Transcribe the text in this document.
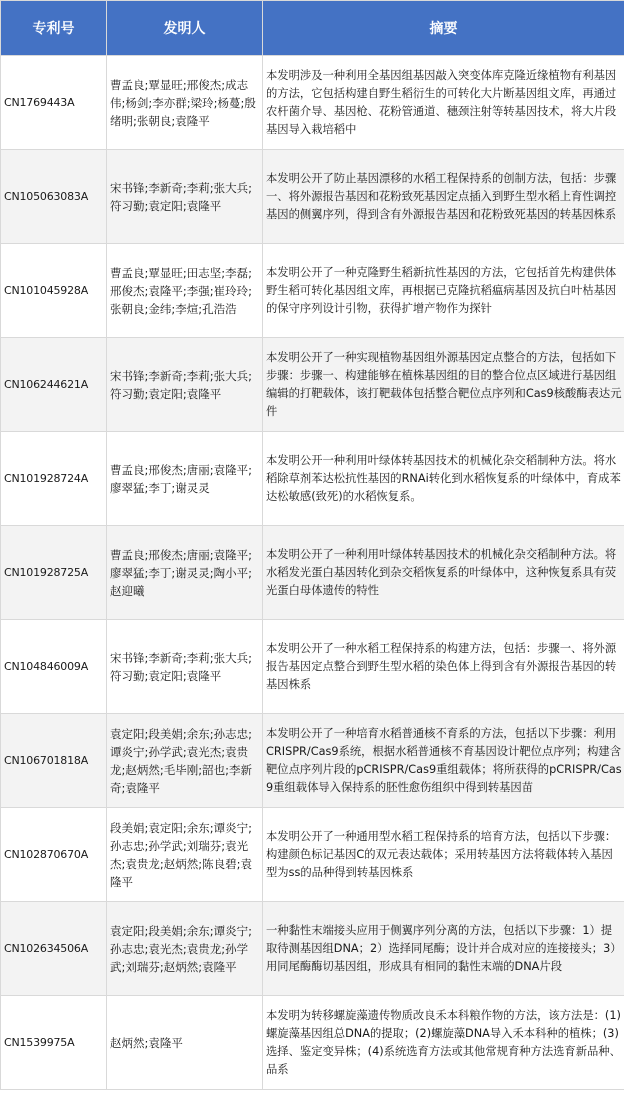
专利号	发明人	摘要

CN1769443A	曹孟良;覃显旺;邢俊杰;成志伟;杨剑;李亦群;梁玲;杨蔓;殷绪明;张朝良;袁隆平	本发明涉及一种利用全基因组基因敲入突变体库克隆近缘植物有利基因的方法，它包括构建自野生稻衍生的可转化大片断基因组文库，再通过农杆菌介导、基因枪、花粉管通道、穗颈注射等转基因技术，将大片段基因导入栽培稻中

CN105063083A	宋书锋;李新奇;李莉;张大兵;符习勤;袁定阳;袁隆平	本发明公开了防止基因漂移的水稻工程保持系的创制方法，包括：步骤一、将外源报告基因和花粉致死基因定点插入到野生型水稻上育性调控基因的侧翼序列，得到含有外源报告基因和花粉致死基因的转基因株系

CN101045928A	曹孟良;覃显旺;田志坚;李磊;邢俊杰;袁隆平;李强;崔玲玲;张朝良;金纬;李煊;孔浩浩	本发明公开了一种克隆野生稻新抗性基因的方法，它包括首先构建供体野生稻可转化基因组文库，再根据已克隆抗稻瘟病基因及抗白叶枯基因的保守序列设计引物，获得扩增产物作为探针

CN106244621A	宋书锋;李新奇;李莉;张大兵;符习勤;袁定阳;袁隆平	本发明公开了一种实现植物基因组外源基因定点整合的方法，包括如下步骤：步骤一、构建能够在植株基因组的目的整合位点区域进行基因组编辑的打靶载体，该打靶载体包括整合靶位点序列和Cas9核酸酶表达元件

CN101928724A	曹孟良;邢俊杰;唐丽;袁隆平;廖翠猛;李丁;谢灵灵	本发明公开一种利用叶绿体转基因技术的机械化杂交稻制种方法。将水稻除草剂苯达松抗性基因的RNAi转化到水稻恢复系的叶绿体中，育成苯达松敏感(致死)的水稻恢复系。

CN101928725A	曹孟良;邢俊杰;唐丽;袁隆平;廖翠猛;李丁;谢灵灵;陶小平;赵迎曦	本发明公开了一种利用叶绿体转基因技术的机械化杂交稻制种方法。将水稻发光蛋白基因转化到杂交稻恢复系的叶绿体中，这种恢复系具有荧光蛋白母体遗传的特性

CN104846009A	宋书锋;李新奇;李莉;张大兵;符习勤;袁定阳;袁隆平	本发明公开了一种水稻工程保持系的构建方法，包括：步骤一、将外源报告基因定点整合到野生型水稻的染色体上得到含有外源报告基因的转基因株系

CN106701818A	袁定阳;段美娟;余东;孙志忠;谭炎宁;孙学武;袁光杰;袁贵龙;赵炳然;毛毕刚;韶也;李新奇;袁隆平	本发明公开了一种培育水稻普通核不育系的方法，包括以下步骤：利用CRISPR/Cas9系统，根据水稻普通核不育基因设计靶位点序列；构建含靶位点序列片段的pCRISPR/Cas9重组载体；将所获得的pCRISPR/Cas9重组载体导入保持系的胚性愈伤组织中得到转基因苗

CN102870670A	段美娟;袁定阳;余东;谭炎宁;孙志忠;孙学武;刘瑞芬;袁光杰;袁贵龙;赵炳然;陈良碧;袁隆平	本发明公开了一种通用型水稻工程保持系的培育方法，包括以下步骤：构建颜色标记基因C的双元表达载体；采用转基因方法将载体转入基因型为ss的品种得到转基因株系

CN102634506A	袁定阳;段美娟;余东;谭炎宁;孙志忠;袁光杰;袁贵龙;孙学武;刘瑞芬;赵炳然;袁隆平	一种黏性末端接头应用于侧翼序列分离的方法，包括以下步骤：1）提取待测基因组DNA；2）选择同尾酶；设计并合成对应的连接接头；3）用同尾酶酶切基因组，形成具有相同的黏性末端的DNA片段

CN1539975A	赵炳然;袁隆平	本发明为转移螺旋藻遗传物质改良禾本科粮作物的方法，该方法是：(1)螺旋藻基因组总DNA的提取；(2)螺旋藻DNA导入禾本科种的植株；(3)选择、鉴定变异株；(4)系统选育方法或其他常规育种方法选育新品种、品系
